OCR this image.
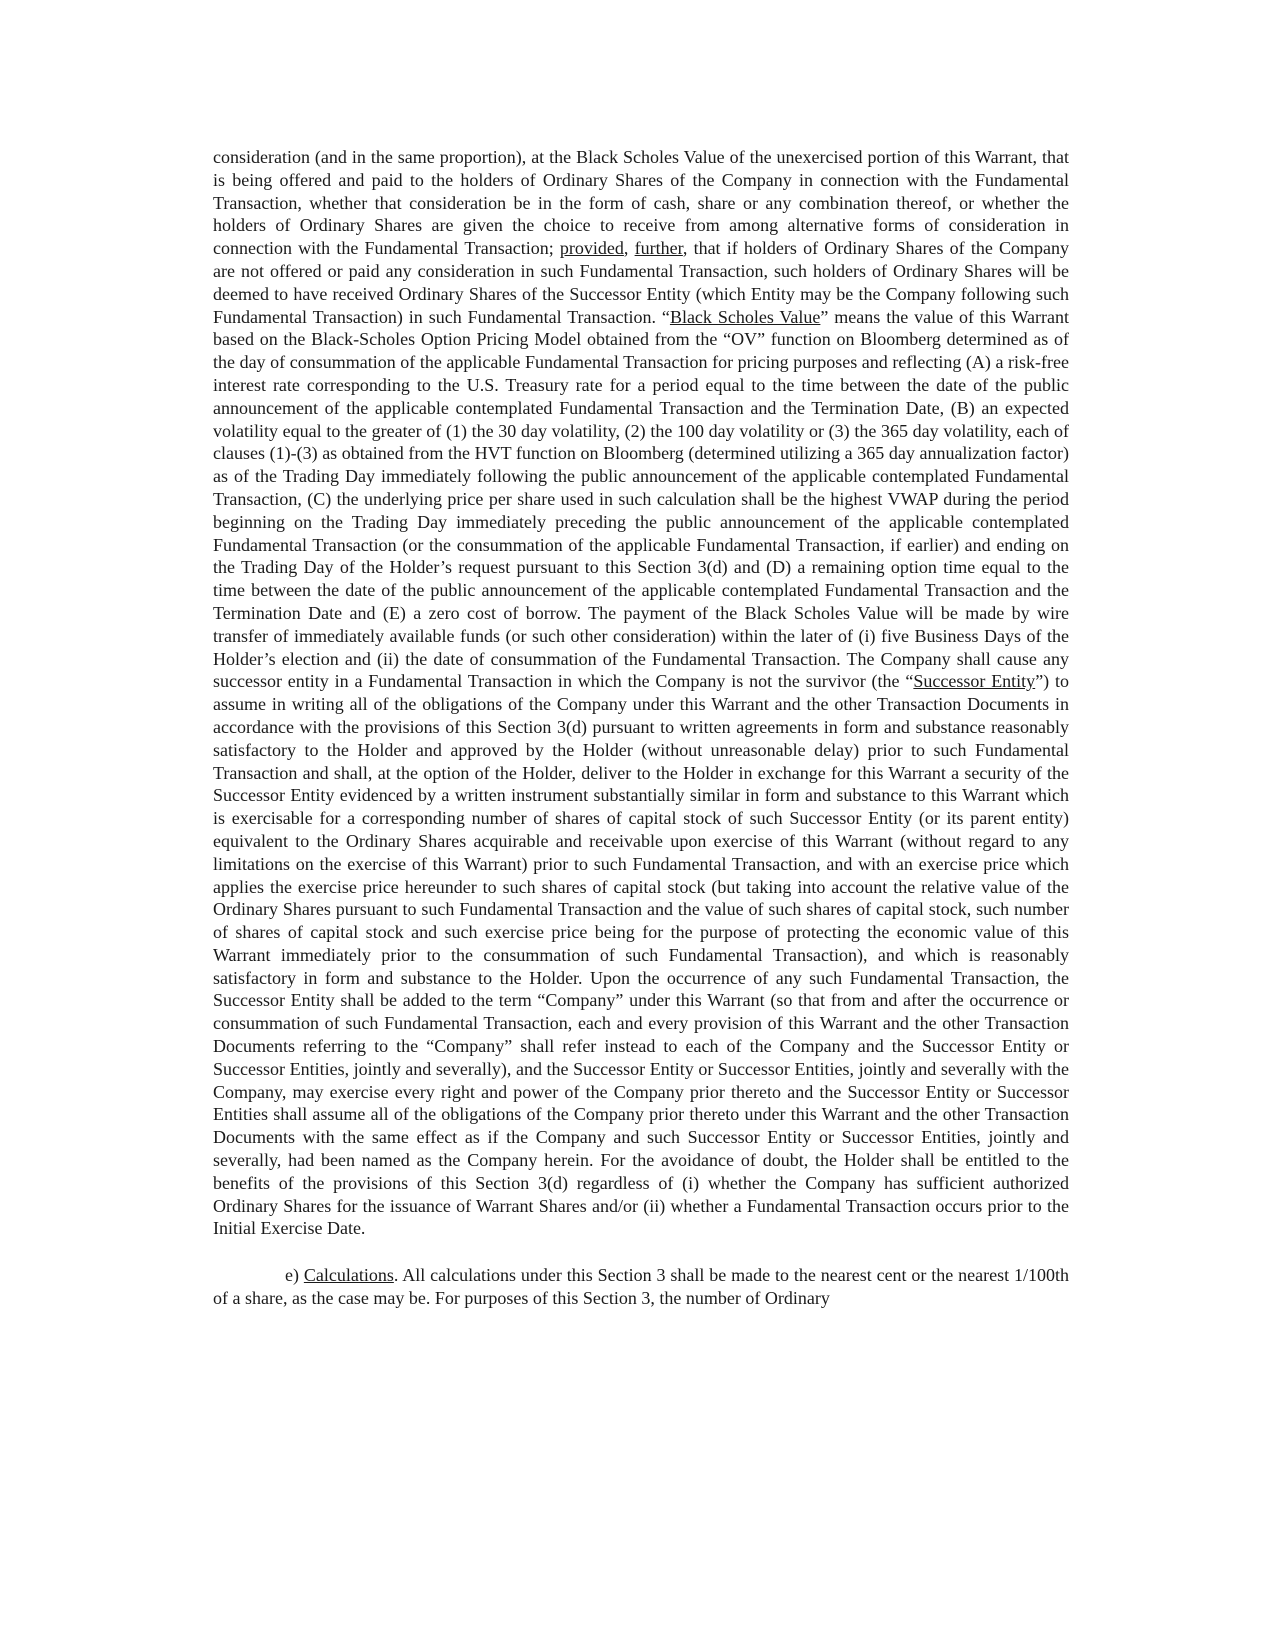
consideration (and in the same proportion), at the Black Scholes Value of the unexercised portion of this Warrant, that is being offered and paid to the holders of Ordinary Shares of the Company in connection with the Fundamental Transaction, whether that consideration be in the form of cash, share or any combination thereof, or whether the holders of Ordinary Shares are given the choice to receive from among alternative forms of consideration in connection with the Fundamental Transaction; provided, further, that if holders of Ordinary Shares of the Company are not offered or paid any consideration in such Fundamental Transaction, such holders of Ordinary Shares will be deemed to have received Ordinary Shares of the Successor Entity (which Entity may be the Company following such Fundamental Transaction) in such Fundamental Transaction. “Black Scholes Value” means the value of this Warrant based on the Black-Scholes Option Pricing Model obtained from the “OV” function on Bloomberg determined as of the day of consummation of the applicable Fundamental Transaction for pricing purposes and reflecting (A) a risk-free interest rate corresponding to the U.S. Treasury rate for a period equal to the time between the date of the public announcement of the applicable contemplated Fundamental Transaction and the Termination Date, (B) an expected volatility equal to the greater of (1) the 30 day volatility, (2) the 100 day volatility or (3) the 365 day volatility, each of clauses (1)-(3) as obtained from the HVT function on Bloomberg (determined utilizing a 365 day annualization factor) as of the Trading Day immediately following the public announcement of the applicable contemplated Fundamental Transaction, (C) the underlying price per share used in such calculation shall be the highest VWAP during the period beginning on the Trading Day immediately preceding the public announcement of the applicable contemplated Fundamental Transaction (or the consummation of the applicable Fundamental Transaction, if earlier) and ending on the Trading Day of the Holder’s request pursuant to this Section 3(d) and (D) a remaining option time equal to the time between the date of the public announcement of the applicable contemplated Fundamental Transaction and the Termination Date and (E) a zero cost of borrow. The payment of the Black Scholes Value will be made by wire transfer of immediately available funds (or such other consideration) within the later of (i) five Business Days of the Holder’s election and (ii) the date of consummation of the Fundamental Transaction. The Company shall cause any successor entity in a Fundamental Transaction in which the Company is not the survivor (the “Successor Entity”) to assume in writing all of the obligations of the Company under this Warrant and the other Transaction Documents in accordance with the provisions of this Section 3(d) pursuant to written agreements in form and substance reasonably satisfactory to the Holder and approved by the Holder (without unreasonable delay) prior to such Fundamental Transaction and shall, at the option of the Holder, deliver to the Holder in exchange for this Warrant a security of the Successor Entity evidenced by a written instrument substantially similar in form and substance to this Warrant which is exercisable for a corresponding number of shares of capital stock of such Successor Entity (or its parent entity) equivalent to the Ordinary Shares acquirable and receivable upon exercise of this Warrant (without regard to any limitations on the exercise of this Warrant) prior to such Fundamental Transaction, and with an exercise price which applies the exercise price hereunder to such shares of capital stock (but taking into account the relative value of the Ordinary Shares pursuant to such Fundamental Transaction and the value of such shares of capital stock, such number of shares of capital stock and such exercise price being for the purpose of protecting the economic value of this Warrant immediately prior to the consummation of such Fundamental Transaction), and which is reasonably satisfactory in form and substance to the Holder. Upon the occurrence of any such Fundamental Transaction, the Successor Entity shall be added to the term “Company” under this Warrant (so that from and after the occurrence or consummation of such Fundamental Transaction, each and every provision of this Warrant and the other Transaction Documents referring to the “Company” shall refer instead to each of the Company and the Successor Entity or Successor Entities, jointly and severally), and the Successor Entity or Successor Entities, jointly and severally with the Company, may exercise every right and power of the Company prior thereto and the Successor Entity or Successor Entities shall assume all of the obligations of the Company prior thereto under this Warrant and the other Transaction Documents with the same effect as if the Company and such Successor Entity or Successor Entities, jointly and severally, had been named as the Company herein. For the avoidance of doubt, the Holder shall be entitled to the benefits of the provisions of this Section 3(d) regardless of (i) whether the Company has sufficient authorized Ordinary Shares for the issuance of Warrant Shares and/or (ii) whether a Fundamental Transaction occurs prior to the Initial Exercise Date.

e) Calculations. All calculations under this Section 3 shall be made to the nearest cent or the nearest 1/100th of a share, as the case may be. For purposes of this Section 3, the number of Ordinary
